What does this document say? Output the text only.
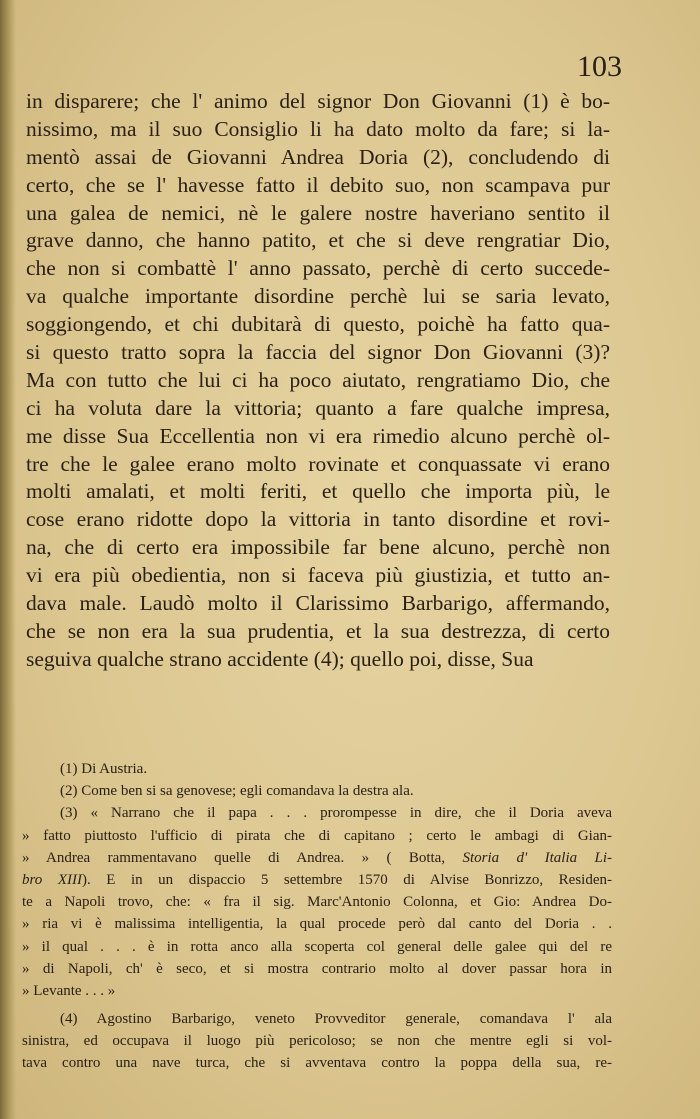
103
in disparere; che l' animo del signor Don Giovanni (1) è bo-
nissimo, ma il suo Consiglio li ha dato molto da fare; si la-
mentò assai de Giovanni Andrea Doria (2), concludendo di
certo, che se l' havesse fatto il debito suo, non scampava pur
una galea de nemici, nè le galere nostre haveriano sentito il
grave danno, che hanno patito, et che si deve rengratiar Dio,
che non si combattè l' anno passato, perchè di certo succede-
va qualche importante disordine perchè lui se saria levato,
soggiongendo, et chi dubitarà di questo, poichè ha fatto qua-
si questo tratto sopra la faccia del signor Don Giovanni (3)?
Ma con tutto che lui ci ha poco aiutato, rengratiamo Dio, che
ci ha voluta dare la vittoria; quanto a fare qualche impresa,
me disse Sua Eccellentia non vi era rimedio alcuno perchè ol-
tre che le galee erano molto rovinate et conquassate vi erano
molti amalati, et molti feriti, et quello che importa più, le
cose erano ridotte dopo la vittoria in tanto disordine et rovi-
na, che di certo era impossibile far bene alcuno, perchè non
vi era più obedientia, non si faceva più giustizia, et tutto an-
dava male. Laudò molto il Clarissimo Barbarigo, affermando,
che se non era la sua prudentia, et la sua destrezza, di certo
seguiva qualche strano accidente (4); quello poi, disse, Sua
(1) Di Austria.
(2) Come ben si sa genovese; egli comandava la destra ala.
(3) « Narrano che il papa . . . prorompesse in dire, che il Doria aveva
» fatto piuttosto l'ufficio di pirata che di capitano ; certo le ambagi di Gian-
» Andrea rammentavano quelle di Andrea. » ( Botta, Storia d' Italia Li-
bro XIII). E in un dispaccio 5 settembre 1570 di Alvise Bonrizzo, Residen-
te a Napoli trovo, che: « fra il sig. Marc'Antonio Colonna, et Gio: Andrea Do-
» ria vi è malissima intelligentia, la qual procede però dal canto del Doria . .
» il qual . . . è in rotta anco alla scoperta col general delle galee qui del re
» di Napoli, ch' è seco, et si mostra contrario molto al dover passar hora in
» Levante . . . »
(4) Agostino Barbarigo, veneto Provveditor generale, comandava l' ala
sinistra, ed occupava il luogo più pericoloso; se non che mentre egli si vol-
tava contro una nave turca, che si avventava contro la poppa della sua, re-
